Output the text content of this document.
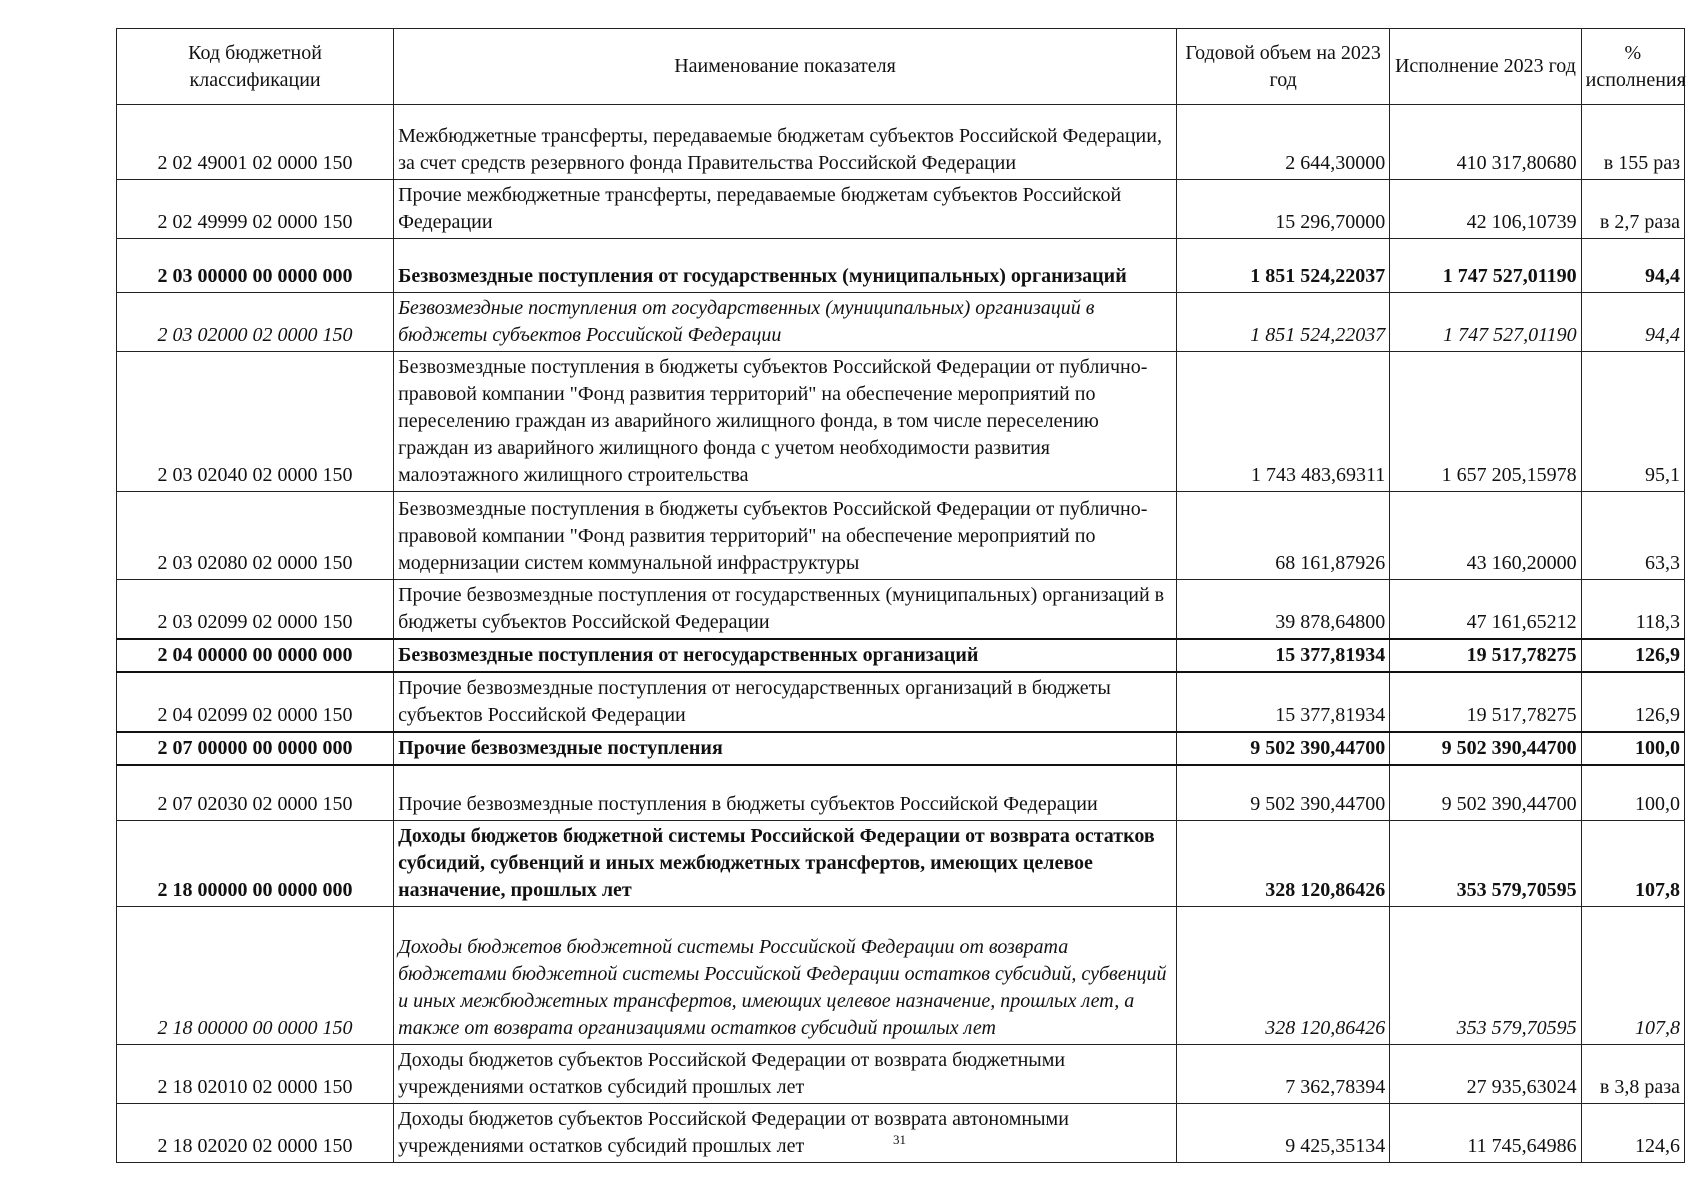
Код бюджетной классификации	Наименование показателя	Годовой объем на 2023 год	Исполнение 2023 год	% исполнения
2 02 49001 02 0000 150	Межбюджетные трансферты, передаваемые бюджетам субъектов Российской Федерации, за счет средств резервного фонда Правительства Российской Федерации	2 644,30000	410 317,80680	в 155 раз
2 02 49999 02 0000 150	Прочие межбюджетные трансферты, передаваемые бюджетам субъектов Российской Федерации	15 296,70000	42 106,10739	в 2,7 раза
2 03 00000 00 0000 000	Безвозмездные поступления от государственных (муниципальных) организаций	1 851 524,22037	1 747 527,01190	94,4
2 03 02000 02 0000 150	Безвозмездные поступления от государственных (муниципальных) организаций в бюджеты субъектов Российской Федерации	1 851 524,22037	1 747 527,01190	94,4
2 03 02040 02 0000 150	Безвозмездные поступления в бюджеты субъектов Российской Федерации от публично-правовой компании "Фонд развития территорий" на обеспечение мероприятий по переселению граждан из аварийного жилищного фонда, в том числе переселению граждан из аварийного жилищного фонда с учетом необходимости развития малоэтажного жилищного строительства	1 743 483,69311	1 657 205,15978	95,1
2 03 02080 02 0000 150	Безвозмездные поступления в бюджеты субъектов Российской Федерации от публично-правовой компании "Фонд развития территорий" на обеспечение мероприятий по модернизации систем коммунальной инфраструктуры	68 161,87926	43 160,20000	63,3
2 03 02099 02 0000 150	Прочие безвозмездные поступления от государственных (муниципальных) организаций в бюджеты субъектов Российской Федерации	39 878,64800	47 161,65212	118,3
2 04 00000 00 0000 000	Безвозмездные поступления от негосударственных организаций	15 377,81934	19 517,78275	126,9
2 04 02099 02 0000 150	Прочие безвозмездные поступления от негосударственных организаций в бюджеты субъектов Российской Федерации	15 377,81934	19 517,78275	126,9
2 07 00000 00 0000 000	Прочие безвозмездные поступления	9 502 390,44700	9 502 390,44700	100,0
2 07 02030 02 0000 150	Прочие безвозмездные поступления в бюджеты субъектов Российской Федерации	9 502 390,44700	9 502 390,44700	100,0
2 18 00000 00 0000 000	Доходы бюджетов бюджетной системы Российской Федерации от возврата остатков субсидий, субвенций и иных межбюджетных трансфертов, имеющих целевое назначение, прошлых лет	328 120,86426	353 579,70595	107,8
2 18 00000 00 0000 150	Доходы бюджетов бюджетной системы Российской Федерации от возврата бюджетами бюджетной системы Российской Федерации остатков субсидий, субвенций и иных межбюджетных трансфертов, имеющих целевое назначение, прошлых лет, а также от возврата организациями остатков субсидий прошлых лет	328 120,86426	353 579,70595	107,8
2 18 02010 02 0000 150	Доходы бюджетов субъектов Российской Федерации от возврата бюджетными учреждениями остатков субсидий прошлых лет	7 362,78394	27 935,63024	в 3,8 раза
2 18 02020 02 0000 150	Доходы бюджетов субъектов Российской Федерации от возврата автономными учреждениями остатков субсидий прошлых лет	9 425,35134	11 745,64986	124,6
31
